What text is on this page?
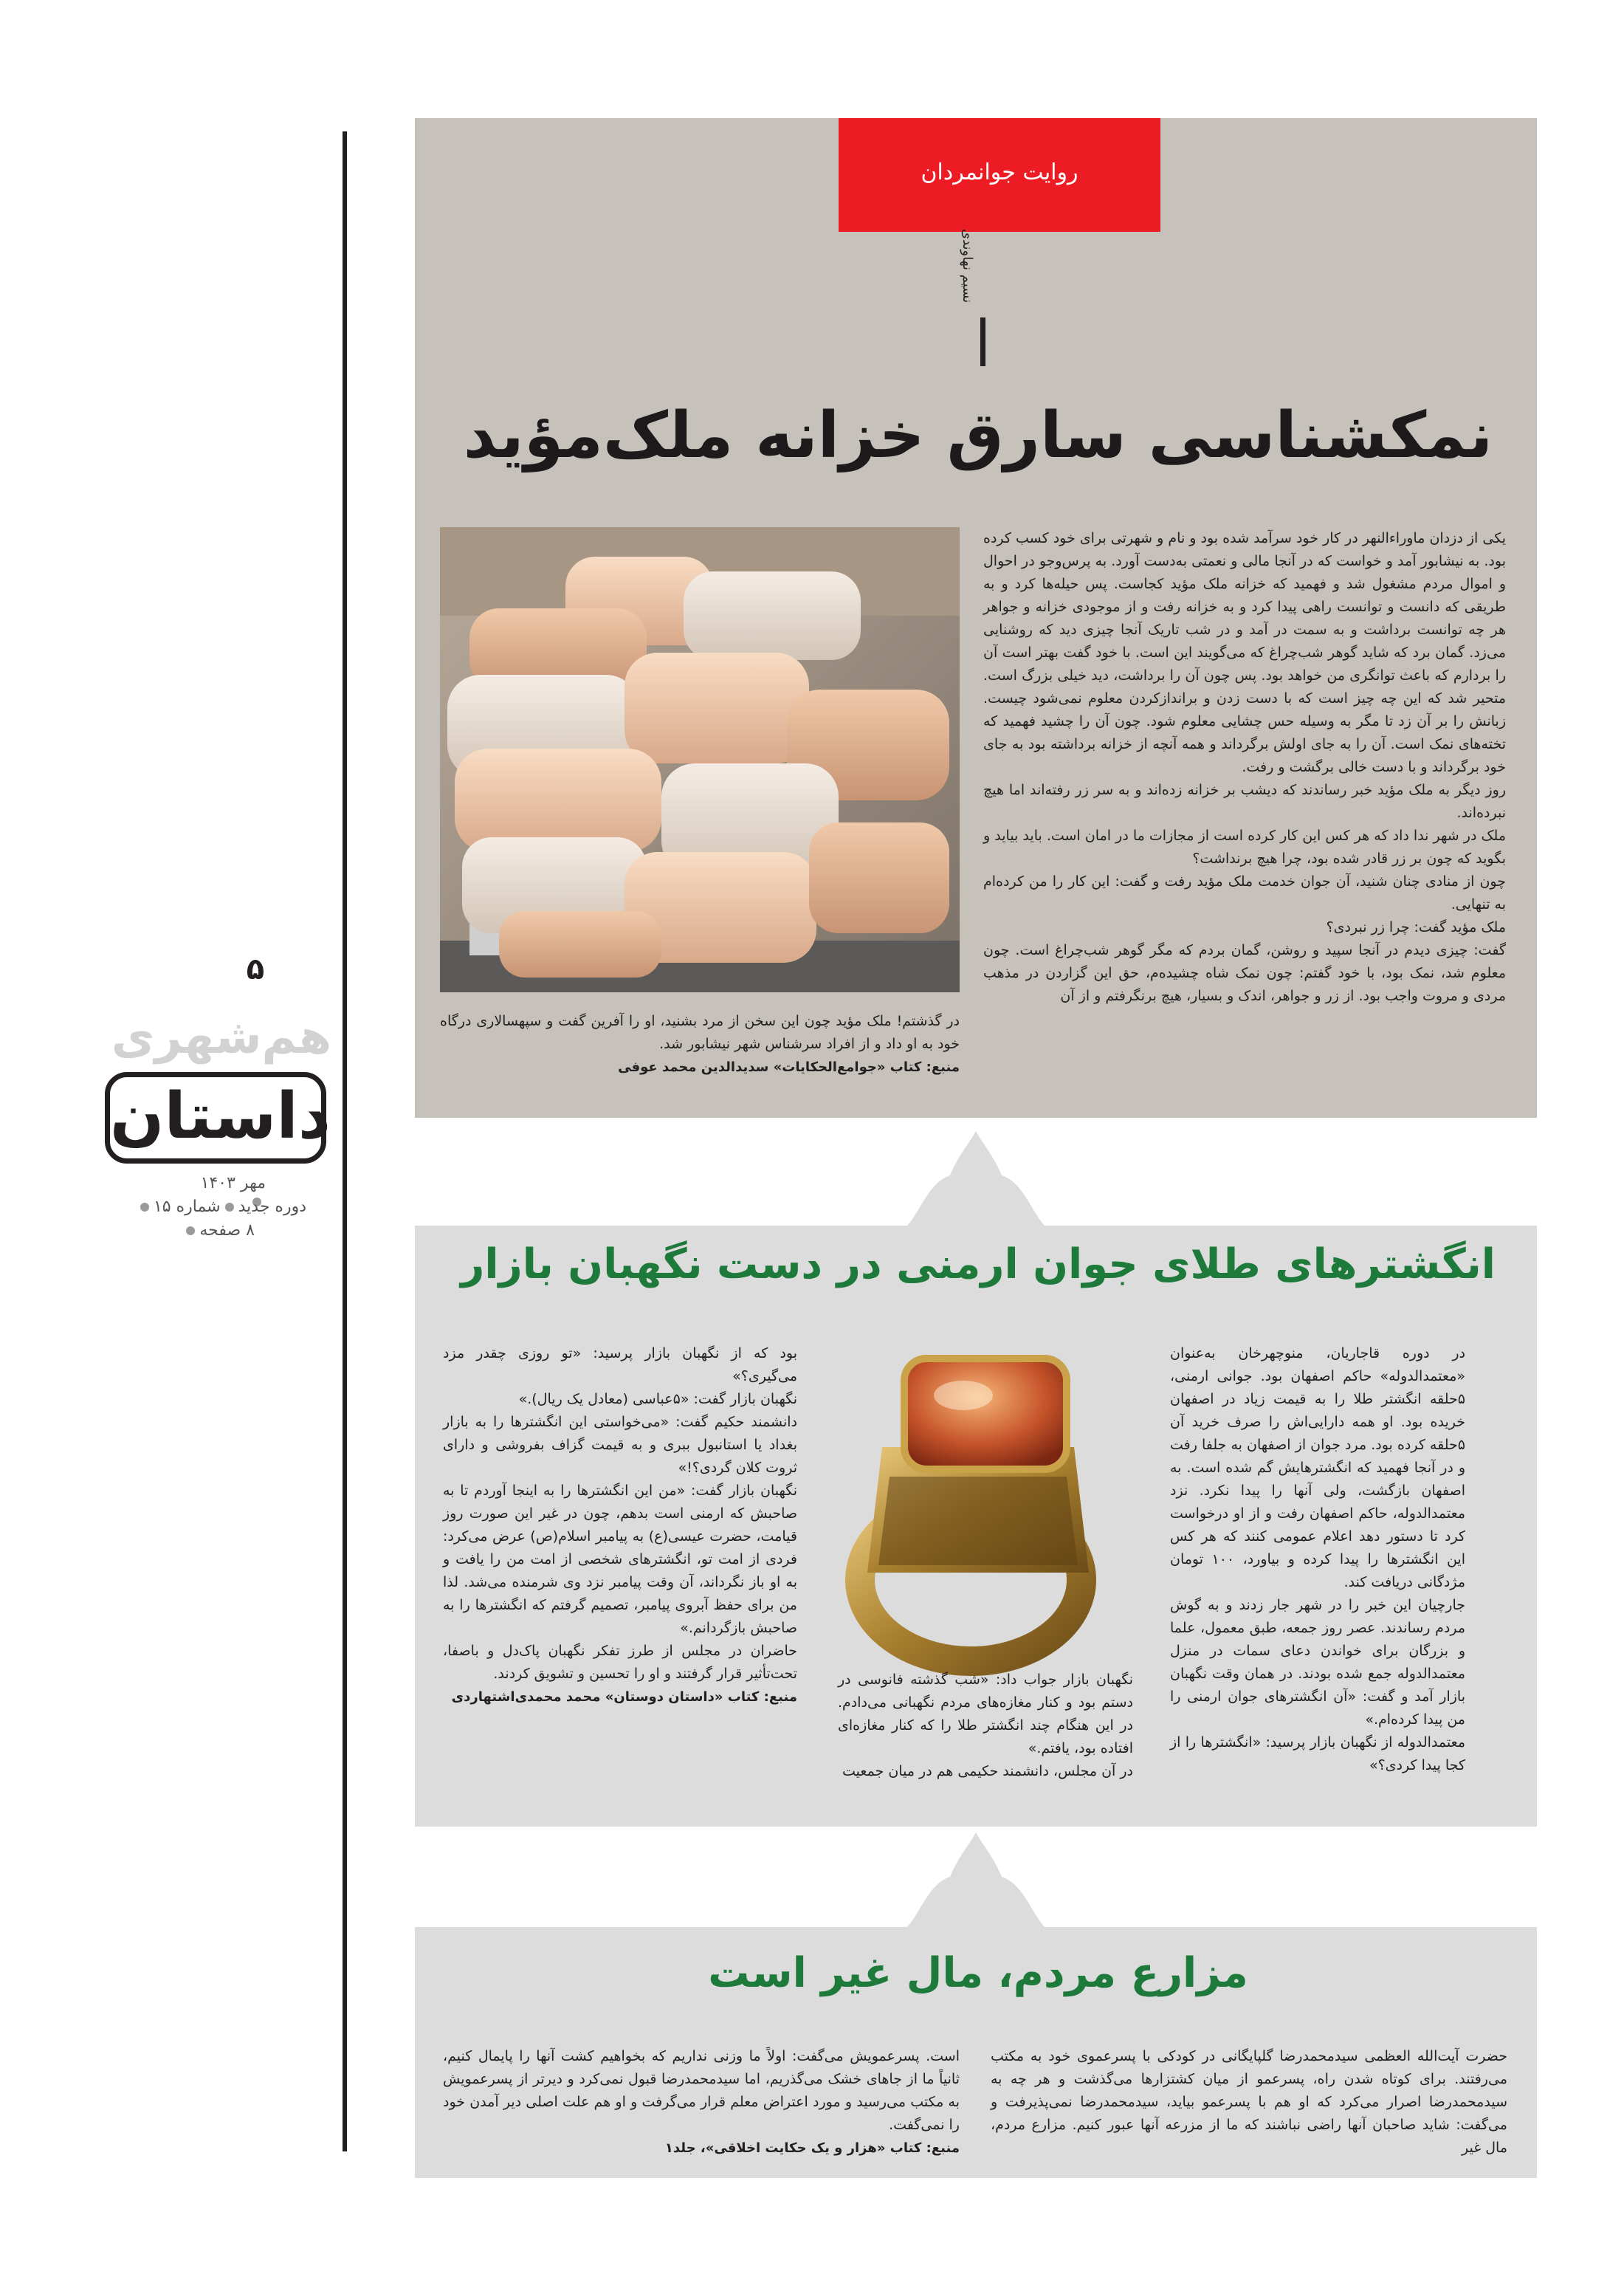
۵
هم‌شهری
داستان
مهر ۱۴۰۳
دوره جدیدشماره ۱۵
۸ صفحه
روایت جوانمردان
نسیم نهاوندی
نمکشناسی سارق خزانه ملک‌مؤید

یکی از دزدان ماوراءالنهر در کار خود سرآمد شده بود و نام و شهرتی برای خود کسب کرده بود. به نیشابور آمد و خواست که در آنجا مالی و نعمتی به‌دست آورد. به پرس‌وجو در احوال و اموال مردم مشغول شد و فهمید که خزانه ملک مؤید کجاست. پس حیله‌ها کرد و به طریقی که دانست و توانست راهی پیدا کرد و به خزانه رفت و از موجودی خزانه و جواهر هر چه توانست برداشت و به سمت در آمد و در شب تاریک آنجا چیزی دید که روشنایی می‌زد. گمان برد که شاید گوهر شب‌چراغ که می‌گویند این است. با خود گفت بهتر است آن را بردارم که باعث توانگری من خواهد بود. پس چون آن را برداشت، دید خیلی بزرگ است. متحیر شد که این چه چیز است که با دست زدن و براندازکردن معلوم نمی‌شود چیست. زبانش را بر آن زد تا مگر به وسیله حس چشایی معلوم شود. چون آن را چشید فهمید که تخته‌های نمک است. آن را به جای اولش برگرداند و همه آنچه از خزانه برداشته بود به جای خود برگرداند و با دست خالی برگشت و رفت.

روز دیگر به ملک مؤید خبر رساندند که دیشب بر خزانه زده‌اند و به سر زر رفته‌اند اما هیچ نبرده‌اند.

ملک در شهر ندا داد که هر کس این کار کرده است از مجازات ما در امان است. باید بیاید و بگوید که چون بر زر قادر شده بود، چرا هیچ برنداشت؟

چون از منادی چنان شنید، آن جوان خدمت ملک مؤید رفت و گفت: این کار را من کرده‌ام به تنهایی.

ملک مؤید گفت: چرا زر نبردی؟

گفت: چیزی دیدم در آنجا سپید و روشن، گمان بردم که مگر گوهر شب‌چراغ است. چون معلوم شد، نمک بود، با خود گفتم: چون نمک شاه چشیده‌م، حق این گزاردن در مذهب مردی و مروت واجب بود. از زر و جواهر، اندک و بسیار، هیچ برنگرفتم و از آن

در گذشتم! ملک مؤید چون این سخن از مرد بشنید، او را آفرین گفت و سپهسالاری درگاه خود به او داد و از افراد سرشناس شهر نیشابور شد.

منبع: کتاب «جوامع‌الحکایات» سدیدالدین محمد عوفی

انگشترهای طلای جوان ارمنی در دست نگهبان بازار

در دوره قاجاریان، منوچهرخان به‌عنوان «معتمدالدوله» حاکم اصفهان بود. جوانی ارمنی، ۵حلقه انگشتر طلا را به قیمت زیاد در اصفهان خریده بود. او همه دارایی‌اش را صرف خرید آن ۵حلقه کرده بود. مرد جوان از اصفهان به جلفا رفت و در آنجا فهمید که انگشترهایش گم شده است. به اصفهان بازگشت، ولی آنها را پیدا نکرد. نزد معتمدالدوله، حاکم اصفهان رفت و از او درخواست کرد تا دستور دهد اعلام عمومی کنند که هر کس این انگشترها را پیدا کرده و بیاورد، ۱۰۰ تومان مژدگانی دریافت کند.

جارچیان این خبر را در شهر جار زدند و به گوش مردم رساندند. عصر روز جمعه، طبق معمول، علما و بزرگان برای خواندن دعای سمات در منزل معتمدالدوله جمع شده بودند. در همان وقت نگهبان بازار آمد و گفت: «آن انگشترهای جوان ارمنی را من پیدا کرده‌ام.»

معتمدالدوله از نگهبان بازار پرسید: «انگشترها را از کجا پیدا کردی؟»

نگهبان بازار جواب داد: «شب گذشته فانوسی در دستم بود و کنار مغازه‌های مردم نگهبانی می‌دادم. در این هنگام چند انگشتر طلا را که کنار مغازه‌ای افتاده بود، یافتم.»

در آن مجلس، دانشمند حکیمی هم در میان جمعیت

بود که از نگهبان بازار پرسید: «تو روزی چقدر مزد می‌گیری؟»

نگهبان بازار گفت: «۵عباسی (معادل یک ریال).»

دانشمند حکیم گفت: «می‌خواستی این انگشترها را به بازار بغداد یا استانبول ببری و به قیمت گزاف بفروشی و دارای ثروت کلان گردی؟!»

نگهبان بازار گفت: «من این انگشترها را به اینجا آوردم تا به صاحبش که ارمنی است بدهم، چون در غیر این صورت روز قیامت، حضرت عیسی(ع) به پیامبر اسلام(ص) عرض می‌کرد: فردی از امت تو، انگشترهای شخصی از امت من را یافت و به او باز نگرداند، آن وقت پیامبر نزد وی شرمنده می‌شد. لذا من برای حفظ آبروی پیامبر، تصمیم گرفتم که انگشترها را به صاحبش بازگردانم.»

حاضران در مجلس از طرز تفکر نگهبان پاک‌دل و باصفا، تحت‌تأثیر قرار گرفتند و او را تحسین و تشویق کردند.

منبع: کتاب «داستان دوستان» محمد محمدی‌اشتهاردی

مزارع مردم، مال غیر است

حضرت آیت‌الله العظمی سیدمحمدرضا گلپایگانی در کودکی با پسرعموی خود به مکتب می‌رفتند. برای کوتاه شدن راه، پسرعمو از میان کشتزارها می‌گذشت و هر چه به سیدمحمدرضا اصرار می‌کرد که او هم با پسرعمو بیاید، سیدمحمدرضا نمی‌پذیرفت و می‌گفت: شاید صاحبان آنها راضی نباشند که ما از مزرعه آنها عبور کنیم. مزارع مردم، مال غیر

است. پسرعمویش می‌گفت: اولاً ما وزنی نداریم که بخواهیم کشت آنها را پایمال کنیم، ثانیاً ما از جاهای خشک می‌گذریم، اما سیدمحمدرضا قبول نمی‌کرد و دیرتر از پسرعمویش به مکتب می‌رسید و مورد اعتراض معلم قرار می‌گرفت و او هم علت اصلی دیر آمدن خود را نمی‌گفت.

منبع: کتاب «هزار و یک حکایت اخلاقی»، جلد۱
